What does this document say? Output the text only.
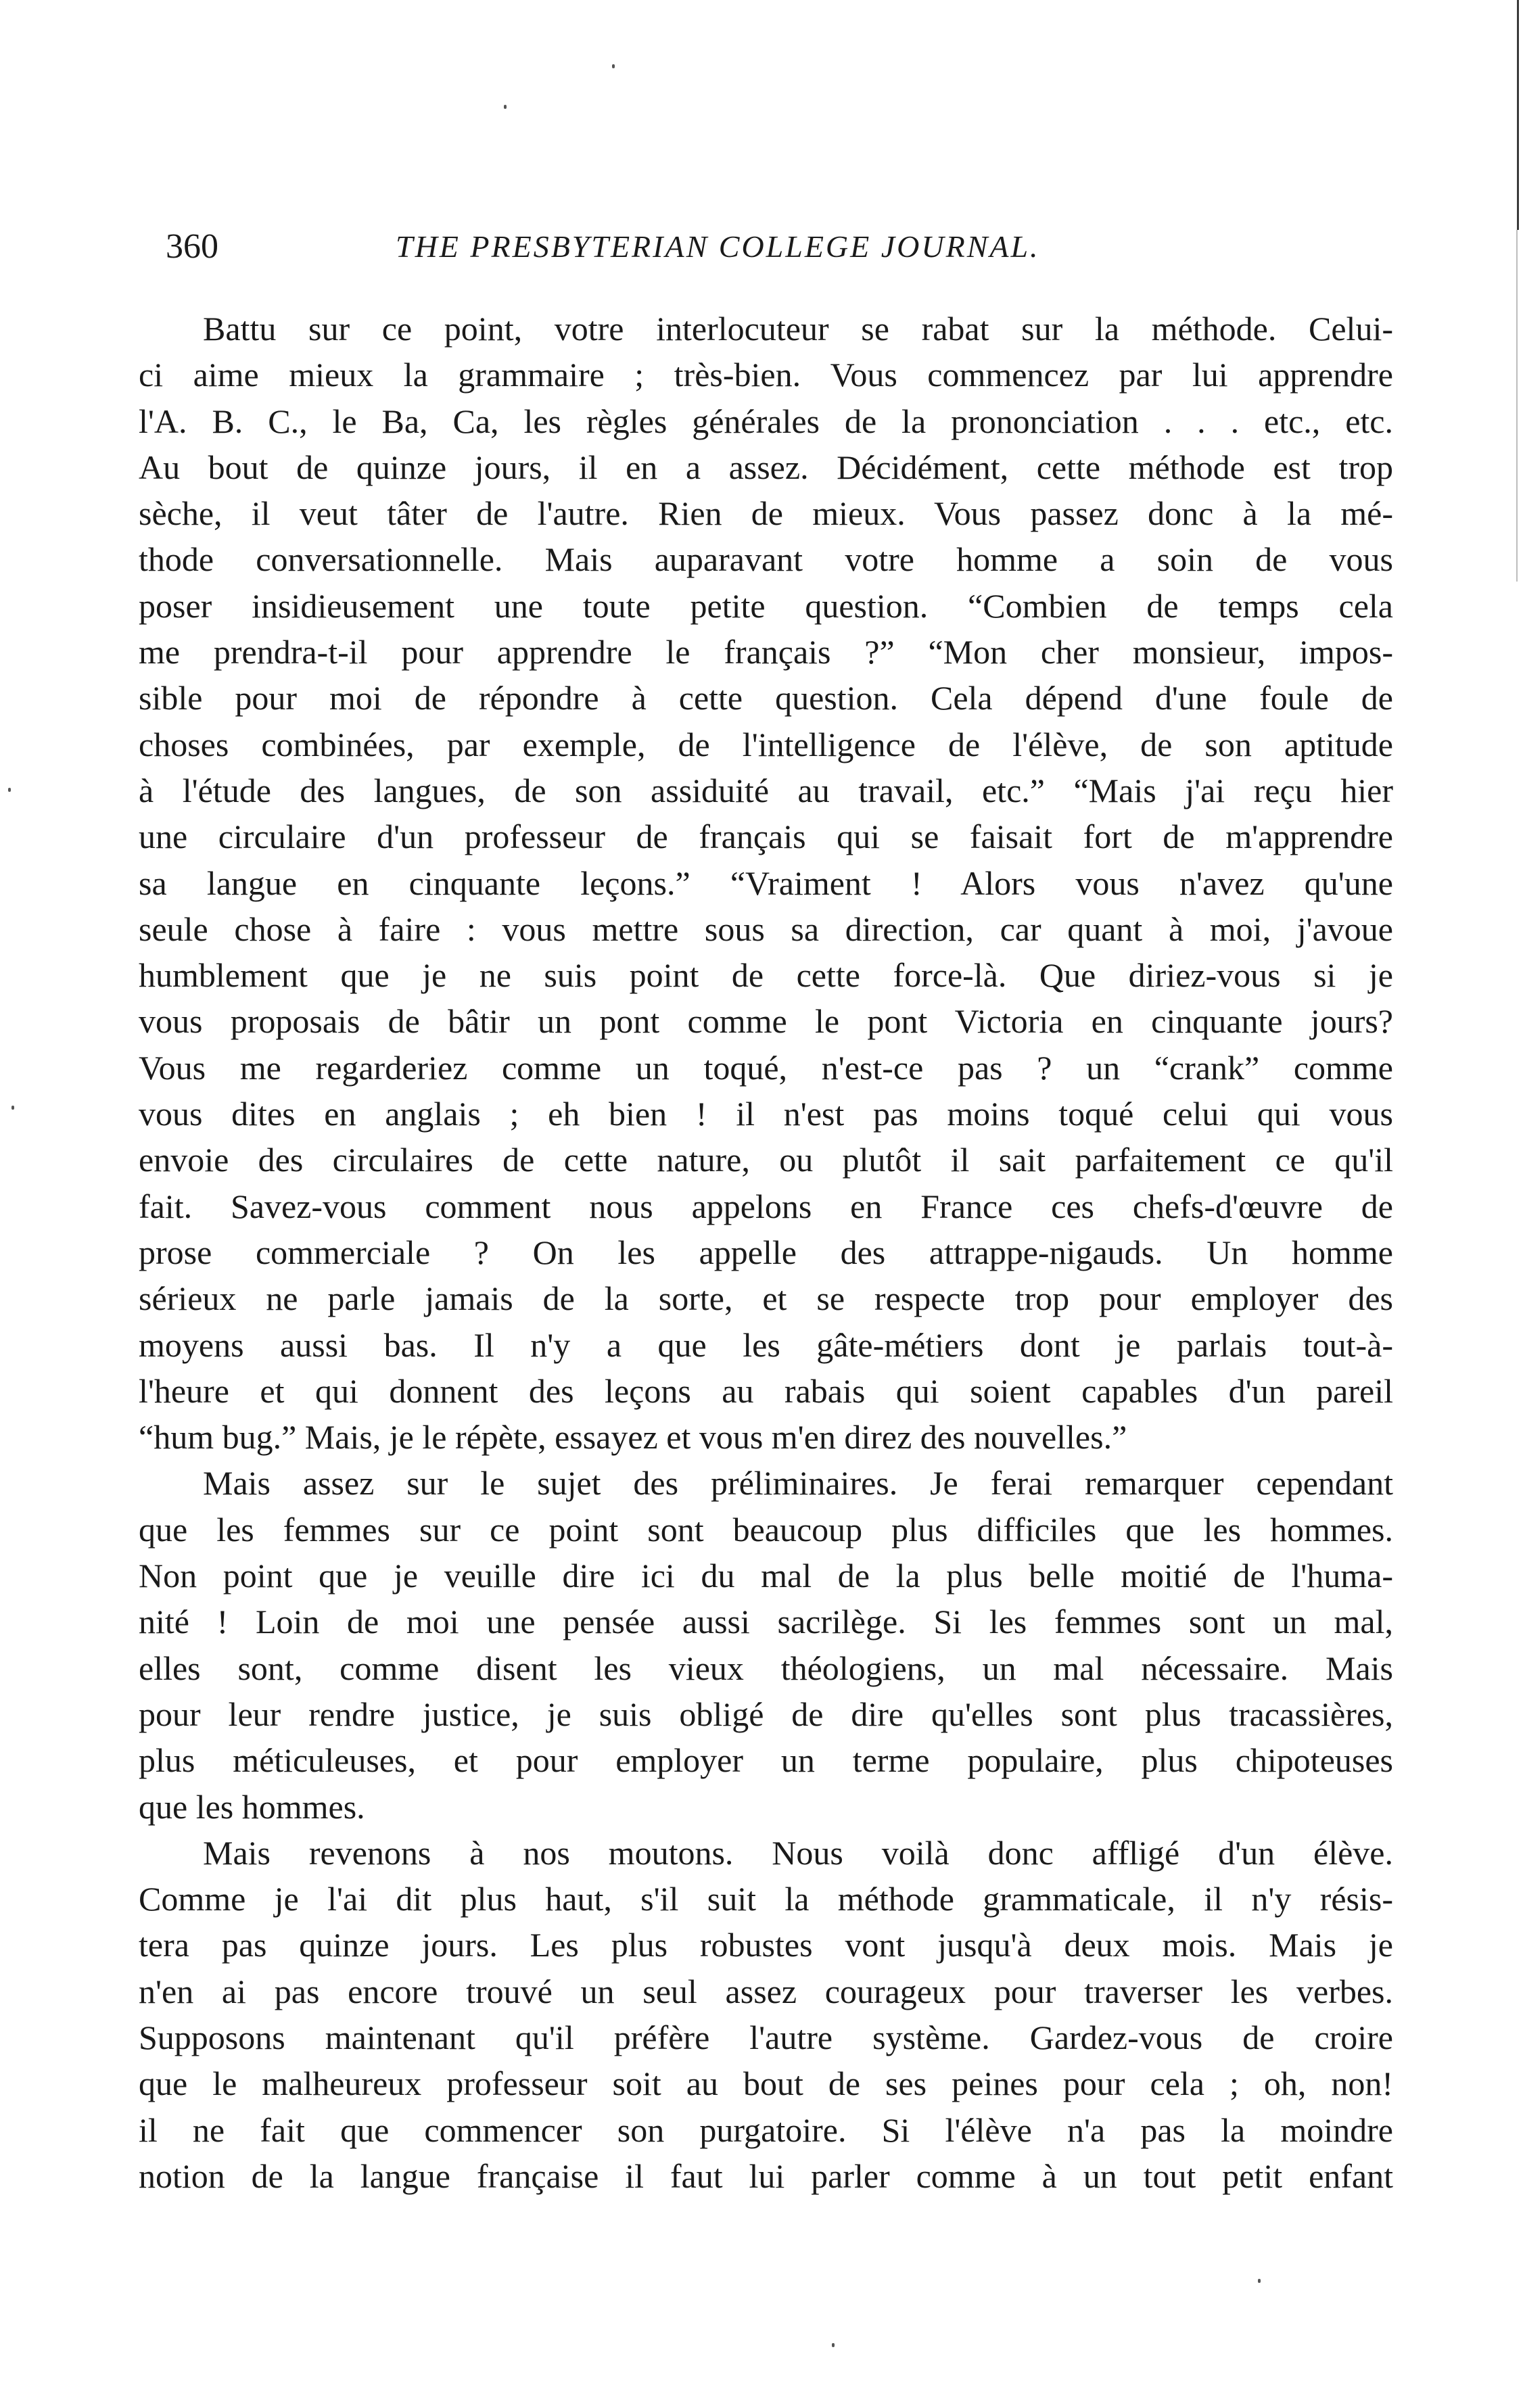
360	THE PRESBYTERIAN COLLEGE JOURNAL.
Battu sur ce point, votre interlocuteur se rabat sur la méthode. Celui-
ci aime mieux la grammaire ; très-bien. Vous commencez par lui apprendre
l'A. B. C., le Ba, Ca, les règles générales de la prononciation . . . etc., etc.
Au bout de quinze jours, il en a assez. Décidément, cette méthode est trop
sèche, il veut tâter de l'autre. Rien de mieux. Vous passez donc à la mé-
thode conversationnelle. Mais auparavant votre homme a soin de vous
poser insidieusement une toute petite question. “Combien de temps cela
me prendra-t-il pour apprendre le français ?” “Mon cher monsieur, impos-
sible pour moi de répondre à cette question. Cela dépend d'une foule de
choses combinées, par exemple, de l'intelligence de l'élève, de son aptitude
à l'étude des langues, de son assiduité au travail, etc.” “Mais j'ai reçu hier
une circulaire d'un professeur de français qui se faisait fort de m'apprendre
sa langue en cinquante leçons.” “Vraiment ! Alors vous n'avez qu'une
seule chose à faire : vous mettre sous sa direction, car quant à moi, j'avoue
humblement que je ne suis point de cette force-là. Que diriez-vous si je
vous proposais de bâtir un pont comme le pont Victoria en cinquante jours?
Vous me regarderiez comme un toqué, n'est-ce pas ? un “crank” comme
vous dites en anglais ; eh bien ! il n'est pas moins toqué celui qui vous
envoie des circulaires de cette nature, ou plutôt il sait parfaitement ce qu'il
fait. Savez-vous comment nous appelons en France ces chefs-d'œuvre de
prose commerciale ? On les appelle des attrappe-nigauds. Un homme
sérieux ne parle jamais de la sorte, et se respecte trop pour employer des
moyens aussi bas. Il n'y a que les gâte-métiers dont je parlais tout-à-
l'heure et qui donnent des leçons au rabais qui soient capables d'un pareil
“hum bug.” Mais, je le répète, essayez et vous m'en direz des nouvelles.”
Mais assez sur le sujet des préliminaires. Je ferai remarquer cependant
que les femmes sur ce point sont beaucoup plus difficiles que les hommes.
Non point que je veuille dire ici du mal de la plus belle moitié de l'huma-
nité ! Loin de moi une pensée aussi sacrilège. Si les femmes sont un mal,
elles sont, comme disent les vieux théologiens, un mal nécessaire. Mais
pour leur rendre justice, je suis obligé de dire qu'elles sont plus tracassières,
plus méticuleuses, et pour employer un terme populaire, plus chipoteuses
que les hommes.
Mais revenons à nos moutons. Nous voilà donc affligé d'un élève.
Comme je l'ai dit plus haut, s'il suit la méthode grammaticale, il n'y résis-
tera pas quinze jours. Les plus robustes vont jusqu'à deux mois. Mais je
n'en ai pas encore trouvé un seul assez courageux pour traverser les verbes.
Supposons maintenant qu'il préfère l'autre système. Gardez-vous de croire
que le malheureux professeur soit au bout de ses peines pour cela ; oh, non!
il ne fait que commencer son purgatoire. Si l'élève n'a pas la moindre
notion de la langue française il faut lui parler comme à un tout petit enfant
